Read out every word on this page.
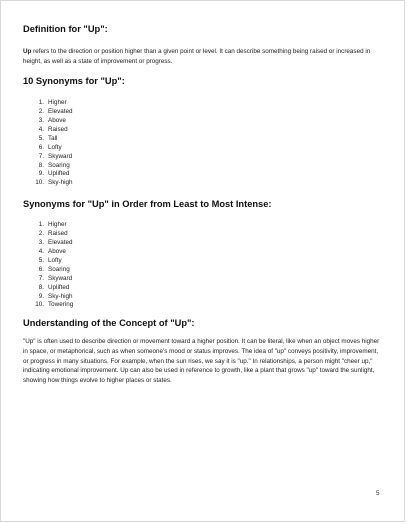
Definition for "Up":

Up refers to the direction or position higher than a given point or level. It can describe something being raised or increased in height, as well as a state of improvement or progress.

10 Synonyms for "Up":
1. Higher
2. Elevated
3. Above
4. Raised
5. Tall
6. Lofty
7. Skyward
8. Soaring
9. Uplifted
10. Sky-high
Synonyms for "Up" in Order from Least to Most Intense:
1. Higher
2. Raised
3. Elevated
4. Above
5. Lofty
6. Soaring
7. Skyward
8. Uplifted
9. Sky-high
10. Towering
Understanding of the Concept of "Up":

"Up" is often used to describe direction or movement toward a higher position. It can be literal, like when an object moves higher in space, or metaphorical, such as when someone's mood or status improves. The idea of "up" conveys positivity, improvement, or progress in many situations. For example, when the sun rises, we say it is "up." In relationships, a person might "cheer up," indicating emotional improvement. Up can also be used in reference to growth, like a plant that grows "up" toward the sunlight, showing how things evolve to higher places or states.

5
